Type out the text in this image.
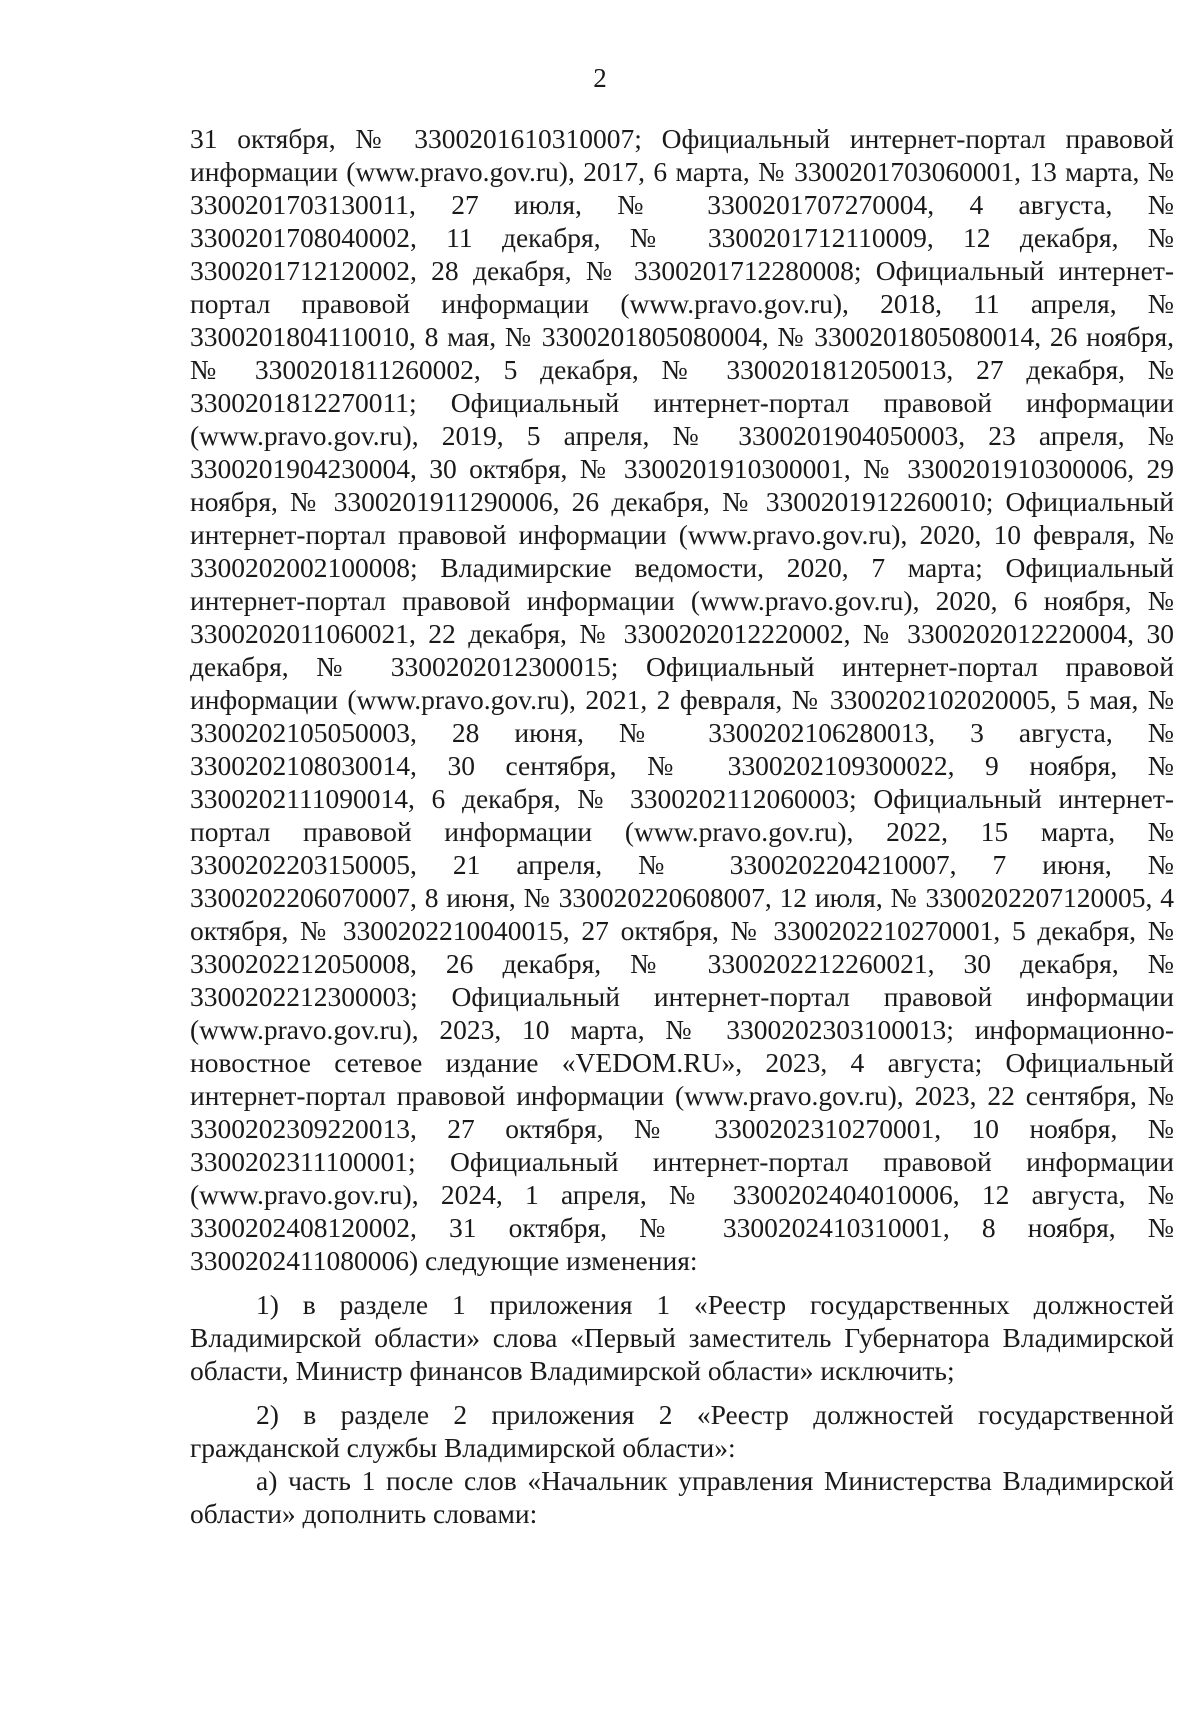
2

31 октября, № 3300201610310007; Официальный интернет-портал правовой информации (www.pravo.gov.ru), 2017, 6 марта, № 3300201703060001, 13 марта, № 3300201703130011, 27 июля, № 3300201707270004, 4 августа, № 3300201708040002, 11 декабря, № 3300201712110009, 12 декабря, № 3300201712120002, 28 декабря, № 3300201712280008; Официальный интернет-портал правовой информации (www.pravo.gov.ru), 2018, 11 апреля, № 3300201804110010, 8 мая, № 3300201805080004, № 3300201805080014, 26 ноября, № 3300201811260002, 5 декабря, № 3300201812050013, 27 декабря, № 3300201812270011; Официальный интернет-портал правовой информации (www.pravo.gov.ru), 2019, 5 апреля, № 3300201904050003, 23 апреля, № 3300201904230004, 30 октября, № 3300201910300001, № 3300201910300006, 29 ноября, № 3300201911290006, 26 декабря, № 3300201912260010; Официальный интернет-портал правовой информации (www.pravo.gov.ru), 2020, 10 февраля, № 3300202002100008; Владимирские ведомости, 2020, 7 марта; Официальный интернет-портал правовой информации (www.pravo.gov.ru), 2020, 6 ноября, № 3300202011060021, 22 декабря, № 3300202012220002, № 3300202012220004, 30 декабря, № 3300202012300015; Официальный интернет-портал правовой информации (www.pravo.gov.ru), 2021, 2 февраля, № 3300202102020005, 5 мая, № 3300202105050003, 28 июня, № 3300202106280013, 3 августа, № 3300202108030014, 30 сентября, № 3300202109300022, 9 ноября, № 3300202111090014, 6 декабря, № 3300202112060003; Официальный интернет-портал правовой информации (www.pravo.gov.ru), 2022, 15 марта, № 3300202203150005, 21 апреля, № 3300202204210007, 7 июня, № 3300202206070007, 8 июня, № 330020220608007, 12 июля, № 3300202207120005, 4 октября, № 3300202210040015, 27 октября, № 3300202210270001, 5 декабря, № 3300202212050008, 26 декабря, № 3300202212260021, 30 декабря, № 3300202212300003; Официальный интернет-портал правовой информации (www.pravo.gov.ru), 2023, 10 марта, № 3300202303100013; информационно-новостное сетевое издание «VEDOM.RU», 2023, 4 августа; Официальный интернет-портал правовой информации (www.pravo.gov.ru), 2023, 22 сентября, № 3300202309220013, 27 октября, № 3300202310270001, 10 ноября, № 3300202311100001; Официальный интернет-портал правовой информации (www.pravo.gov.ru), 2024, 1 апреля, № 3300202404010006, 12 августа, № 3300202408120002, 31 октября, № 3300202410310001, 8 ноября, № 3300202411080006) следующие изменения:

1) в разделе 1 приложения 1 «Реестр государственных должностей Владимирской области» слова «Первый заместитель Губернатора Владимирской области, Министр финансов Владимирской области» исключить;

2) в разделе 2 приложения 2 «Реестр должностей государственной гражданской службы Владимирской области»:

а) часть 1 после слов «Начальник управления Министерства Владимирской области» дополнить словами:
